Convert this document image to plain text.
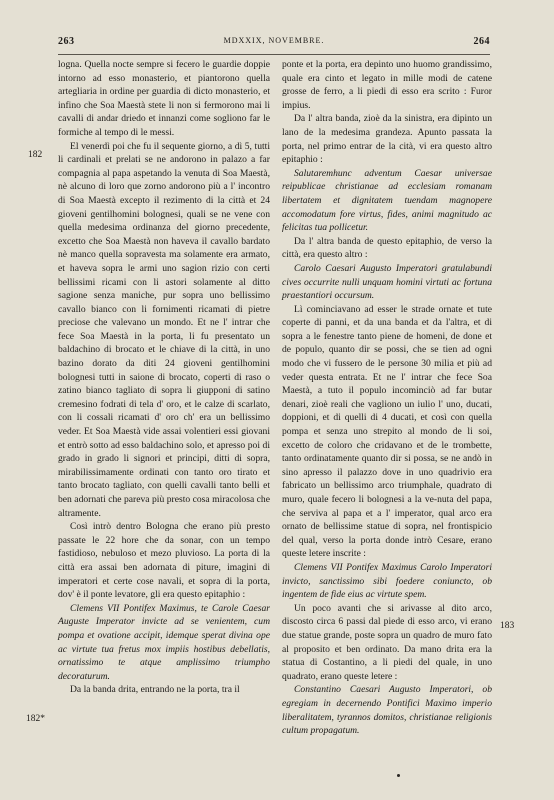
263	MDXXIX, NOVEMBRE.	264
182
182*
183

logna. Quella nocte sempre si fecero le guardie doppie intorno ad esso monasterio, et piantorono quella artegliaria in ordine per guardia di dicto monasterio, et infino che Soa Maestà stete li non si fermorono mai li cavalli di andar driedo et innanzi come sogliono far le formiche al tempo di le messi.

El venerdì poi che fu il sequente giorno, a dì 5, tutti li cardinali et prelati se ne andorono in palazo a far compagnia al papa aspetando la venuta di Soa Maestà, nè alcuno di loro que zorno andorono più a l' incontro di Soa Maestà excepto il rezimento di la città et 24 gioveni gentilhomini bolognesi, quali se ne vene con quella medesima ordinanza del giorno precedente, excetto che Soa Maestà non haveva il cavallo bardato nè manco quella sopravesta ma solamente era armato, et haveva sopra le armi uno sagion rizio con certi bellissimi ricami con li astori solamente al ditto sagione senza maniche, pur sopra uno bellissimo cavallo bianco con li fornimenti ricamati di pietre preciose che valevano un mondo. Et ne l' intrar che fece Soa Maestà in la porta, li fu presentato un baldachino di brocato et le chiave di la città, in uno bazino dorato da diti 24 gioveni gentilhomini bolognesi tutti in saione di brocato, coperti di raso o zatino bianco tagliato di sopra li giupponi di satino cremesino fodrati di tela d' oro, et le calze di scarlato, con li cossali ricamati d' oro ch' era un bellissimo veder. Et Soa Maestà vide assai volentieri essi giovani et entrò sotto ad esso baldachino solo, et apresso poi di grado in grado li signori et principi, ditti di sopra, mirabilissimamente ordinati con tanto oro tirato et tanto brocato tagliato, con quelli cavalli tanto belli et ben adornati che pareva più presto cosa miracolosa che altramente.

Così intrò dentro Bologna che erano più presto passate le 22 hore che da sonar, con un tempo fastidioso, nebuloso et mezo pluvioso. La porta di la città era assai ben adornata di piture, imagini di imperatori et certe cose navali, et sopra di la porta, dov' è il ponte levatore, gli era questo epitaphio :

Clemens VII Pontifex Maximus, te Carole Caesar Auguste Imperator invicte ad se venientem, cum pompa et ovatione accipit, idemque sperat divina ope ac virtute tua fretus mox impiis hostibus debellatis, ornatissimo te atque amplissimo triumpho decoraturum.

Da la banda drita, entrando ne la porta, tra il

ponte et la porta, era depinto uno huomo grandissimo, quale era cinto et legato in mille modi de catene grosse de ferro, a li piedi di esso era scrito : Furor impius.

Da l' altra banda, zioè da la sinistra, era dipinto un lano de la medesima grandeza. Apunto passata la porta, nel primo entrar de la cità, vi era questo altro epitaphio :

Salutaremhunc adventum Caesar universae reipublicae christianae ad ecclesiam romanam libertatem et dignitatem tuendam magnopere accomodatum fore virtus, fides, animi magnitudo ac felicitas tua pollicetur.

Da l' altra banda de questo epitaphio, de verso la città, era questo altro :

Carolo Caesari Augusto Imperatori gratulabundi cives occurrite nulli unquam homini virtuti ac fortuna praestantiori occursum.

Lì cominciavano ad esser le strade ornate et tute coperte di panni, et da una banda et da l'altra, et di sopra a le fenestre tanto piene de homeni, de done et de populo, quanto dir se possi, che se tien ad ogni modo che vi fussero de le persone 30 milia et più ad veder questa entrata. Et ne l' intrar che fece Soa Maestà, a tuto il populo incominciò ad far butar denari, zioè reali che vagliono un iulio l' uno, ducati, doppioni, et di quelli di 4 ducati, et così con quella pompa et senza uno strepito al mondo de li soi, excetto de coloro che cridavano et de le trombette, tanto ordinatamente quanto dir si possa, se ne andò in sino apresso il palazzo dove in uno quadrivio era fabricato un bellissimo arco triumphale, quadrato di muro, quale fecero li bolognesi a la ve-nuta del papa, che serviva al papa et a l' imperator, qual arco era ornato de bellissime statue di sopra, nel frontispicio del qual, verso la porta donde intrò Cesare, erano queste letere inscrite :

Clemens VII Pontifex Maximus Carolo Imperatori invicto, sanctissimo sibi foedere coniuncto, ob ingentem de fide eius ac virtute spem.

Un poco avanti che si arivasse al dito arco, discosto circa 6 passi dal piede di esso arco, vi erano due statue grande, poste sopra un quadro de muro fato al proposito et ben ordinato. Da mano drita era la statua di Costantino, a li piedi del quale, in uno quadrato, erano queste letere :

Constantino Caesari Augusto Imperatori, ob egregiam in decernendo Pontifici Maximo imperio liberalitatem, tyrannos domitos, christianae religionis cultum propagatum.
